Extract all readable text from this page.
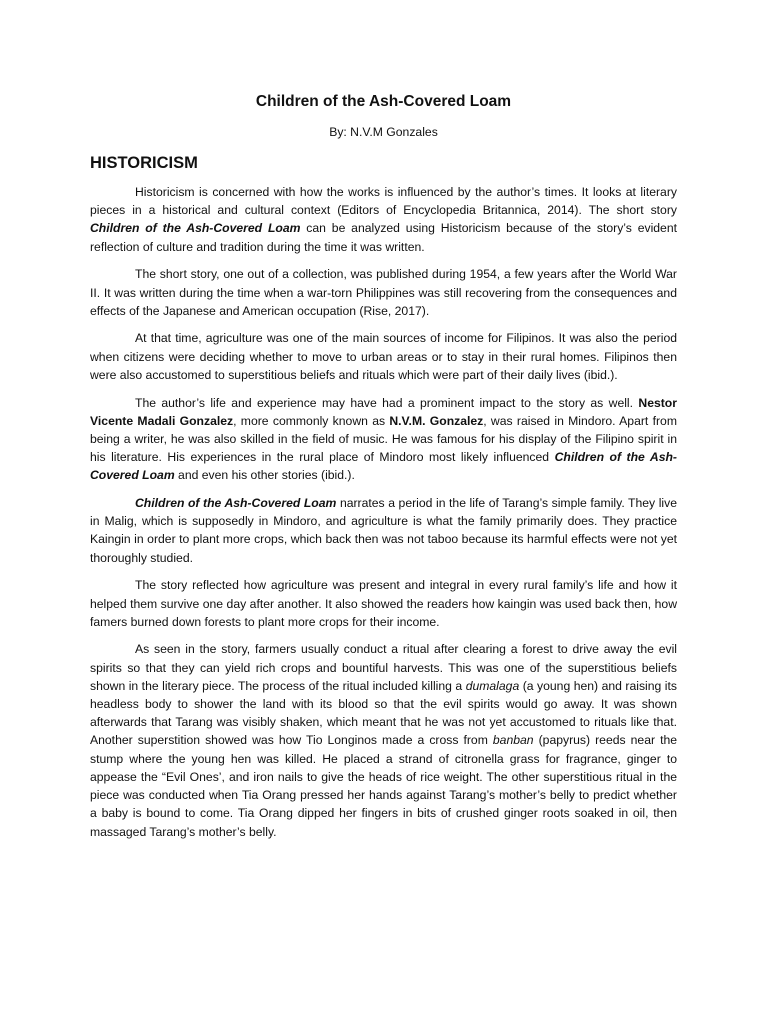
Children of the Ash-Covered Loam
By: N.V.M Gonzales
HISTORICISM

Historicism is concerned with how the works is influenced by the author’s times. It looks at literary pieces in a historical and cultural context (Editors of Encyclopedia Britannica, 2014). The short story Children of the Ash-Covered Loam can be analyzed using Historicism because of the story’s evident reflection of culture and tradition during the time it was written.

The short story, one out of a collection, was published during 1954, a few years after the World War II. It was written during the time when a war-torn Philippines was still recovering from the consequences and effects of the Japanese and American occupation (Rise, 2017).

At that time, agriculture was one of the main sources of income for Filipinos. It was also the period when citizens were deciding whether to move to urban areas or to stay in their rural homes. Filipinos then were also accustomed to superstitious beliefs and rituals which were part of their daily lives (ibid.).

The author’s life and experience may have had a prominent impact to the story as well. Nestor Vicente Madali Gonzalez, more commonly known as N.V.M. Gonzalez, was raised in Mindoro. Apart from being a writer, he was also skilled in the field of music. He was famous for his display of the Filipino spirit in his literature. His experiences in the rural place of Mindoro most likely influenced Children of the Ash-Covered Loam and even his other stories (ibid.).

Children of the Ash-Covered Loam narrates a period in the life of Tarang’s simple family. They live in Malig, which is supposedly in Mindoro, and agriculture is what the family primarily does. They practice Kaingin in order to plant more crops, which back then was not taboo because its harmful effects were not yet thoroughly studied.

The story reflected how agriculture was present and integral in every rural family’s life and how it helped them survive one day after another. It also showed the readers how kaingin was used back then, how famers burned down forests to plant more crops for their income.

As seen in the story, farmers usually conduct a ritual after clearing a forest to drive away the evil spirits so that they can yield rich crops and bountiful harvests. This was one of the superstitious beliefs shown in the literary piece. The process of the ritual included killing a dumalaga (a young hen) and raising its headless body to shower the land with its blood so that the evil spirits would go away. It was shown afterwards that Tarang was visibly shaken, which meant that he was not yet accustomed to rituals like that. Another superstition showed was how Tio Longinos made a cross from banban (papyrus) reeds near the stump where the young hen was killed. He placed a strand of citronella grass for fragrance, ginger to appease the “Evil Ones’, and iron nails to give the heads of rice weight. The other superstitious ritual in the piece was conducted when Tia Orang pressed her hands against Tarang’s mother’s belly to predict whether a baby is bound to come. Tia Orang dipped her fingers in bits of crushed ginger roots soaked in oil, then massaged Tarang’s mother’s belly.
